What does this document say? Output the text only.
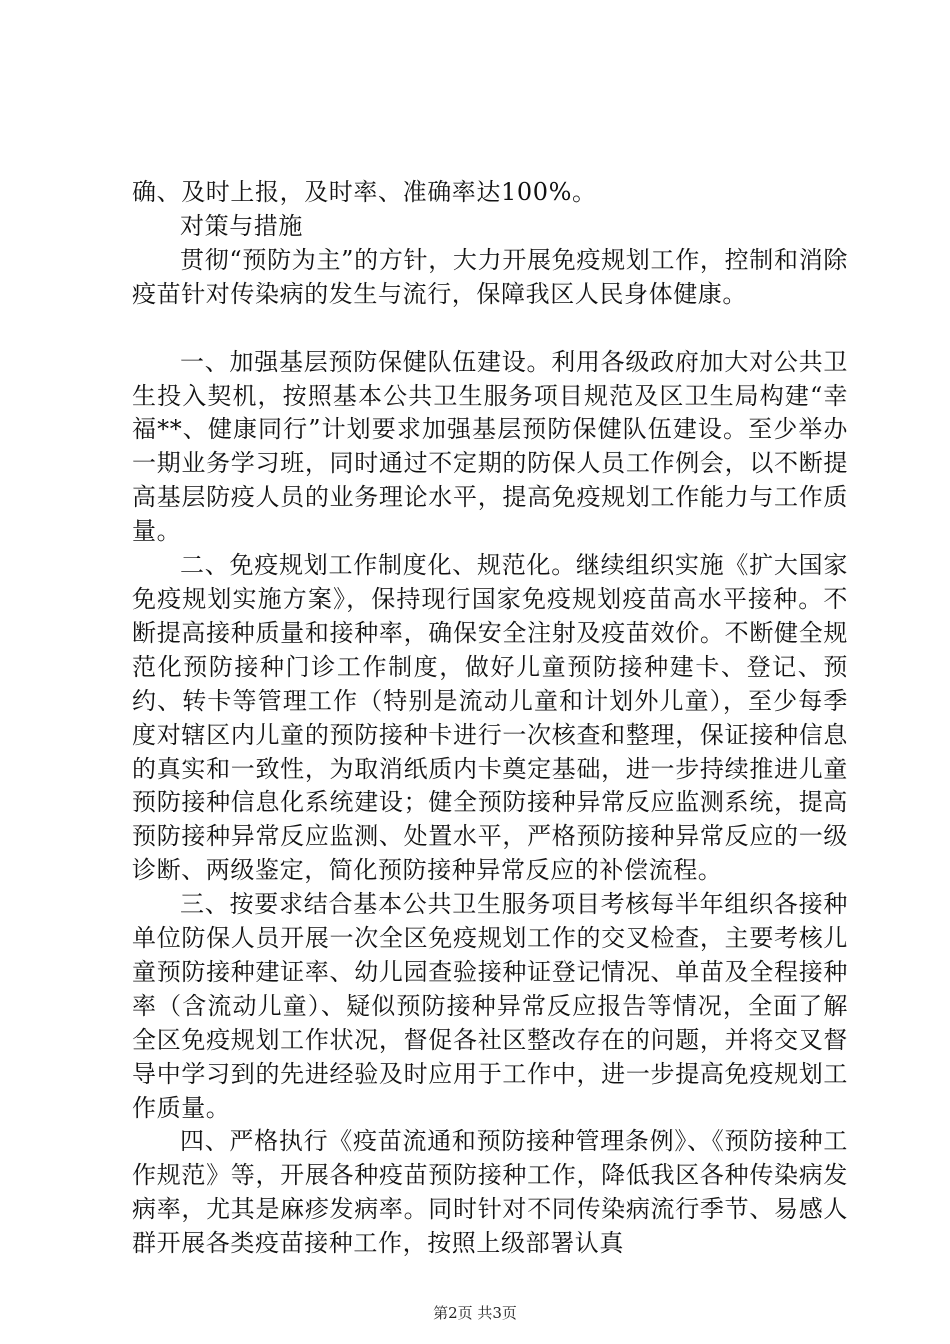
确、及时上报，及时率、准确率达100%。

对策与措施

贯彻“预防为主”的方针，大力开展免疫规划工作，控制和消除疫苗针对传染病的发生与流行，保障我区人民身体健康。

一、加强基层预防保健队伍建设。利用各级政府加大对公共卫生投入契机，按照基本公共卫生服务项目规范及区卫生局构建“幸福**、健康同行”计划要求加强基层预防保健队伍建设。至少举办一期业务学习班，同时通过不定期的防保人员工作例会，以不断提高基层防疫人员的业务理论水平，提高免疫规划工作能力与工作质量。

二、免疫规划工作制度化、规范化。继续组织实施《扩大国家免疫规划实施方案》，保持现行国家免疫规划疫苗高水平接种。不断提高接种质量和接种率，确保安全注射及疫苗效价。不断健全规范化预防接种门诊工作制度，做好儿童预防接种建卡、登记、预约、转卡等管理工作（特别是流动儿童和计划外儿童），至少每季度对辖区内儿童的预防接种卡进行一次核查和整理，保证接种信息的真实和一致性，为取消纸质内卡奠定基础，进一步持续推进儿童预防接种信息化系统建设；健全预防接种异常反应监测系统，提高预防接种异常反应监测、处置水平，严格预防接种异常反应的一级诊断、两级鉴定，简化预防接种异常反应的补偿流程。

三、按要求结合基本公共卫生服务项目考核每半年组织各接种单位防保人员开展一次全区免疫规划工作的交叉检查，主要考核儿童预防接种建证率、幼儿园查验接种证登记情况、单苗及全程接种率（含流动儿童）、疑似预防接种异常反应报告等情况，全面了解全区免疫规划工作状况，督促各社区整改存在的问题，并将交叉督导中学习到的先进经验及时应用于工作中，进一步提高免疫规划工作质量。

四、严格执行《疫苗流通和预防接种管理条例》、《预防接种工作规范》等，开展各种疫苗预防接种工作，降低我区各种传染病发病率，尤其是麻疹发病率。同时针对不同传染病流行季节、易感人群开展各类疫苗接种工作，按照上级部署认真

第2页 共3页
